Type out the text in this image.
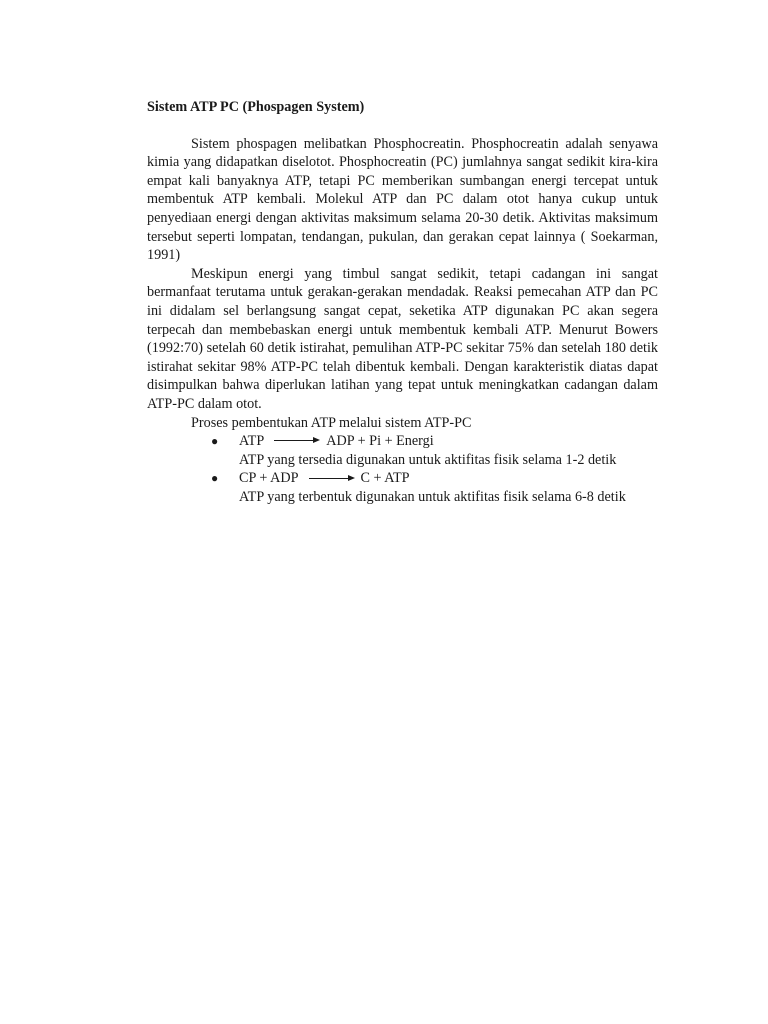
Sistem ATP PC (Phospagen System)

Sistem phospagen melibatkan Phosphocreatin. Phosphocreatin adalah senyawa kimia yang didapatkan diselotot. Phosphocreatin (PC) jumlahnya sangat sedikit kira-kira empat kali banyaknya ATP, tetapi PC memberikan sumbangan energi tercepat untuk membentuk ATP kembali. Molekul ATP dan PC dalam otot hanya cukup untuk penyediaan energi dengan aktivitas maksimum selama 20-30 detik. Aktivitas maksimum tersebut seperti lompatan, tendangan, pukulan, dan gerakan cepat lainnya ( Soekarman, 1991)

Meskipun energi yang timbul sangat sedikit, tetapi cadangan ini sangat bermanfaat terutama untuk gerakan-gerakan mendadak. Reaksi pemecahan ATP dan PC ini didalam sel berlangsung sangat cepat, seketika ATP digunakan PC akan segera terpecah dan membebaskan energi untuk membentuk kembali ATP. Menurut Bowers (1992:70) setelah 60 detik istirahat, pemulihan ATP-PC sekitar 75% dan setelah 180 detik istirahat sekitar 98% ATP-PC telah dibentuk kembali. Dengan karakteristik diatas dapat disimpulkan bahwa diperlukan latihan yang tepat untuk meningkatkan cadangan dalam ATP-PC dalam otot.

Proses pembentukan ATP melalui sistem ATP-PC

● ATP	ADP + Pi + Energi

ATP yang tersedia digunakan untuk aktifitas fisik selama 1-2 detik

● CP + ADP	C + ATP

ATP yang terbentuk digunakan untuk aktifitas fisik selama 6-8 detik
